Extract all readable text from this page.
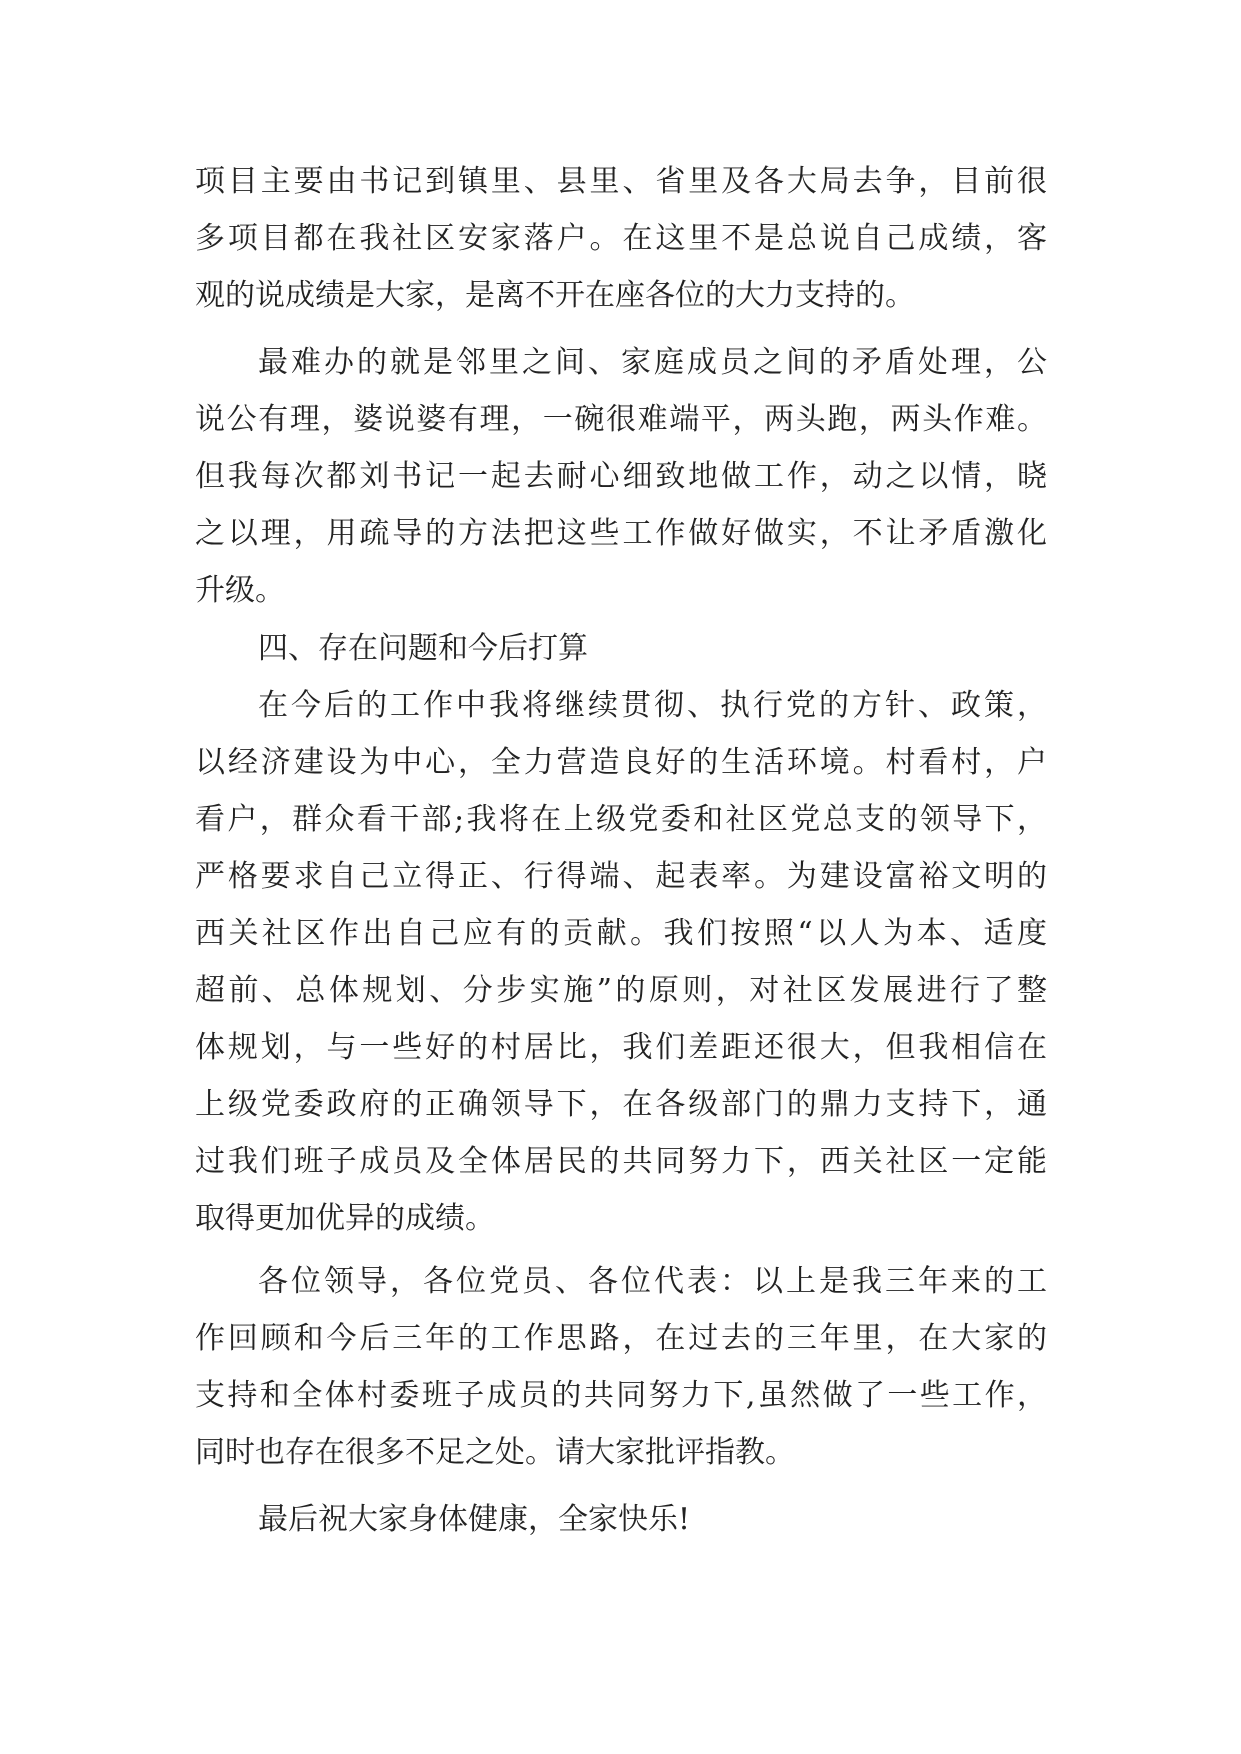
项目主要由书记到镇里、县里、省里及各大局去争，目前很
多项目都在我社区安家落户。在这里不是总说自己成绩，客
观的说成绩是大家，是离不开在座各位的大力支持的。
最难办的就是邻里之间、家庭成员之间的矛盾处理，公
说公有理，婆说婆有理，一碗很难端平，两头跑，两头作难。
但我每次都刘书记一起去耐心细致地做工作，动之以情，晓
之以理，用疏导的方法把这些工作做好做实，不让矛盾激化
升级。
四、存在问题和今后打算
在今后的工作中我将继续贯彻、执行党的方针、政策，
以经济建设为中心，全力营造良好的生活环境。村看村，户
看户，群众看干部;我将在上级党委和社区党总支的领导下，
严格要求自己立得正、行得端、起表率。为建设富裕文明的
西关社区作出自己应有的贡献。我们按照“以人为本、适度
超前、总体规划、分步实施”的原则，对社区发展进行了整
体规划，与一些好的村居比，我们差距还很大，但我相信在
上级党委政府的正确领导下，在各级部门的鼎力支持下，通
过我们班子成员及全体居民的共同努力下，西关社区一定能
取得更加优异的成绩。
各位领导，各位党员、各位代表：以上是我三年来的工
作回顾和今后三年的工作思路，在过去的三年里，在大家的
支持和全体村委班子成员的共同努力下,虽然做了一些工作，
同时也存在很多不足之处。请大家批评指教。
最后祝大家身体健康，全家快乐!
